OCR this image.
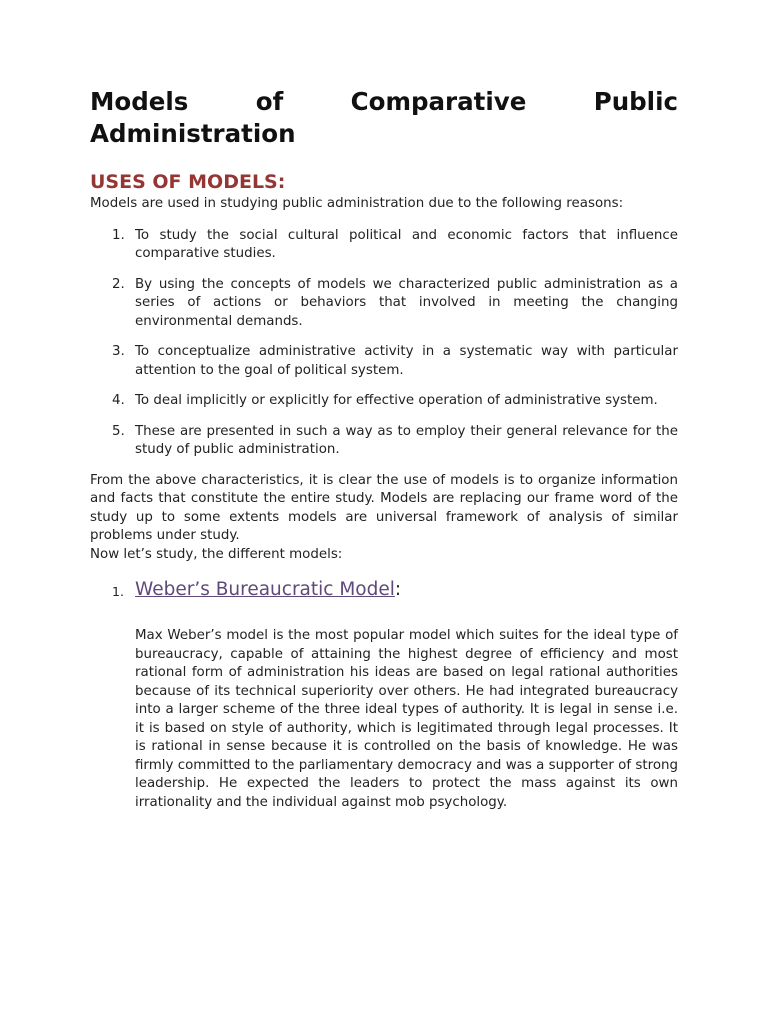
Models of Comparative Public
Administration
USES OF MODELS:

Models are used in studying public administration due to the following reasons:

1. To study the social cultural political and economic factors that influence comparative studies.
2. By using the concepts of models we characterized public administration as a series of actions or behaviors that involved in meeting the changing environmental demands.
3. To conceptualize administrative activity in a systematic way with particular attention to the goal of political system.
4. To deal implicitly or explicitly for effective operation of administrative system.
5. These are presented in such a way as to employ their general relevance for the study of public administration.

From the above characteristics, it is clear the use of models is to organize information and facts that constitute the entire study. Models are replacing our frame word of the study up to some extents models are universal framework of analysis of similar problems under study.

Now let’s study, the different models:

1. Weber’s Bureaucratic Model:

Max Weber’s model is the most popular model which suites for the ideal type of bureaucracy, capable of attaining the highest degree of efficiency and most rational form of administration his ideas are based on legal rational authorities because of its technical superiority over others. He had integrated bureaucracy into a larger scheme of the three ideal types of authority. It is legal in sense i.e. it is based on style of authority, which is legitimated through legal processes. It is rational in sense because it is controlled on the basis of knowledge. He was firmly committed to the parliamentary democracy and was a supporter of strong leadership. He expected the leaders to protect the mass against its own irrationality and the individual against mob psychology.
